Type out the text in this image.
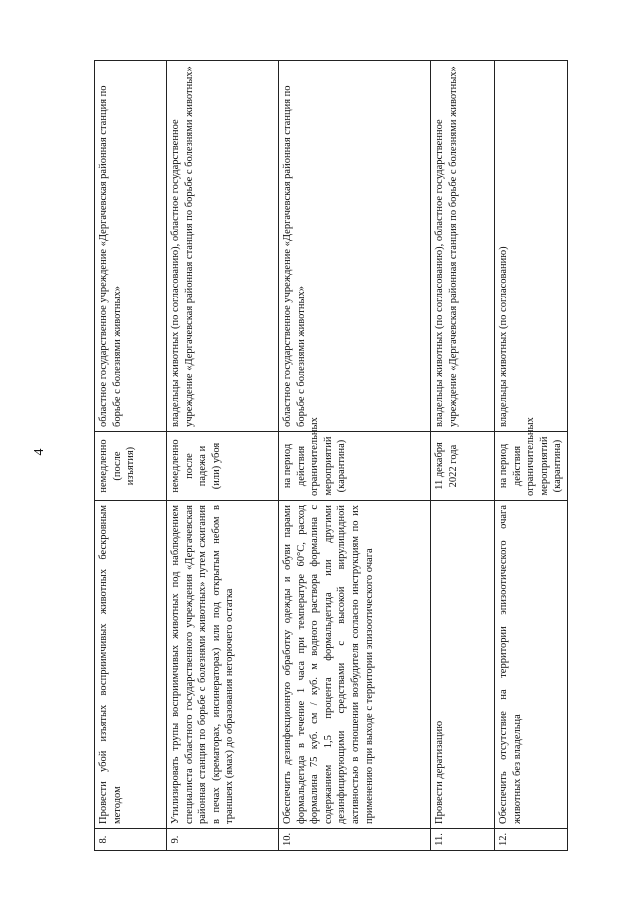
4
8.	Провести убой изъятых восприимчивых животных бескровным методом	немедленно (после изъятия)	областное государственное учреждение «Дергачевская районная станция по борьбе с болезнями животных»
9.	Утилизировать трупы восприимчивых животных под наблюдением специалиста областного государственного учреждения «Дергачевская районная станция по борьбе с болезнями животных» путем сжигания в печах (крематорах, инсинераторах) или под открытым небом в траншеях (ямах) до образования негорючего остатка	немедленно после падежа и (или) убоя	владельцы животных (по согласованию), областное государственное учреждение «Дергачевская районная станция по борьбе с болезнями животных»
10.	Обеспечить дезинфекционную обработку одежды и обуви парами формальдегида в течение 1 часа при температуре 60°С, расход формалина 75 куб. см / куб. м водного раствора формалина с содержанием 1,5 процента формальдегида или другими дезинфицирующими средствами с высокой вирулицидной активностью в отношении возбудителя согласно инструкциям по их применению при выходе с территории эпизоотического очага	на период действия ограничительных мероприятий (карантина)	областное государственное учреждение «Дергачевская районная станция по борьбе с болезнями животных»
11.	Провести дератизацию	11 декабря 2022 года	владельцы животных (по согласованию), областное государственное учреждение «Дергачевская районная станция по борьбе с болезнями животных»
12.	Обеспечить отсутствие на территории эпизоотического очага животных без владельца	на период действия ограничительных мероприятий (карантина)	владельцы животных (по согласованию)
